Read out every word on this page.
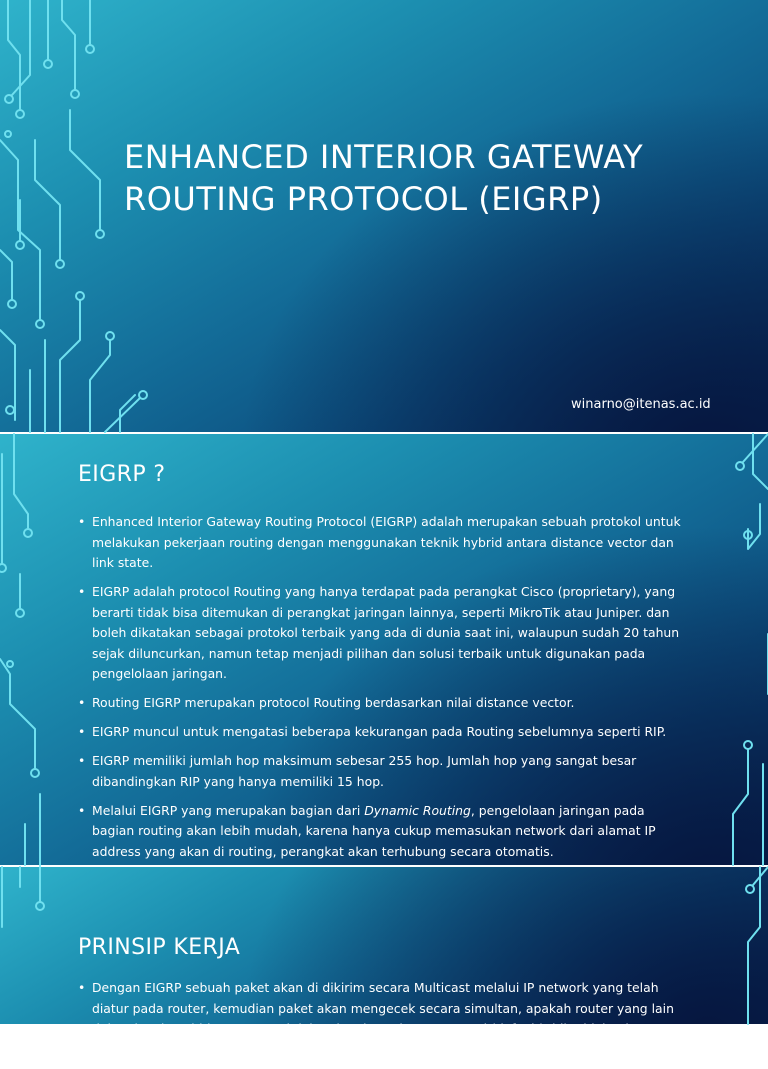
ENHANCED INTERIOR GATEWAY
ROUTING PROTOCOL (EIGRP)
winarno@itenas.ac.id
EIGRP ?
• Enhanced Interior Gateway Routing Protocol (EIGRP) adalah merupakan sebuah protokol untuk melakukan pekerjaan routing dengan menggunakan teknik hybrid antara distance vector dan link state.
• EIGRP adalah protocol Routing yang hanya terdapat pada perangkat Cisco (proprietary), yang berarti tidak bisa ditemukan di perangkat jaringan lainnya, seperti MikroTik atau Juniper. dan boleh dikatakan sebagai protokol terbaik yang ada di dunia saat ini, walaupun sudah 20 tahun sejak diluncurkan, namun tetap menjadi pilihan dan solusi terbaik untuk digunakan pada pengelolaan jaringan.
• Routing EIGRP merupakan protocol Routing berdasarkan nilai distance vector.
• EIGRP muncul untuk mengatasi beberapa kekurangan pada Routing sebelumnya seperti RIP.
• EIGRP memiliki jumlah hop maksimum sebesar 255 hop. Jumlah hop yang sangat besar dibandingkan RIP yang hanya memiliki 15 hop.
• Melalui EIGRP yang merupakan bagian dari Dynamic Routing, pengelolaan jaringan pada bagian routing akan lebih mudah, karena hanya cukup memasukan network dari alamat IP address yang akan di routing, perangkat akan terhubung secara otomatis.
PRINSIP KERJA
• Dengan EIGRP sebuah paket akan di dikirim secara Multicast melalui IP network yang telah diatur pada router, kemudian paket akan mengecek secara simultan, apakah router yang lain dalam keadaan hidup atau mati dalam jangka waktu 15 second (default), bila tidak ada respon maka
